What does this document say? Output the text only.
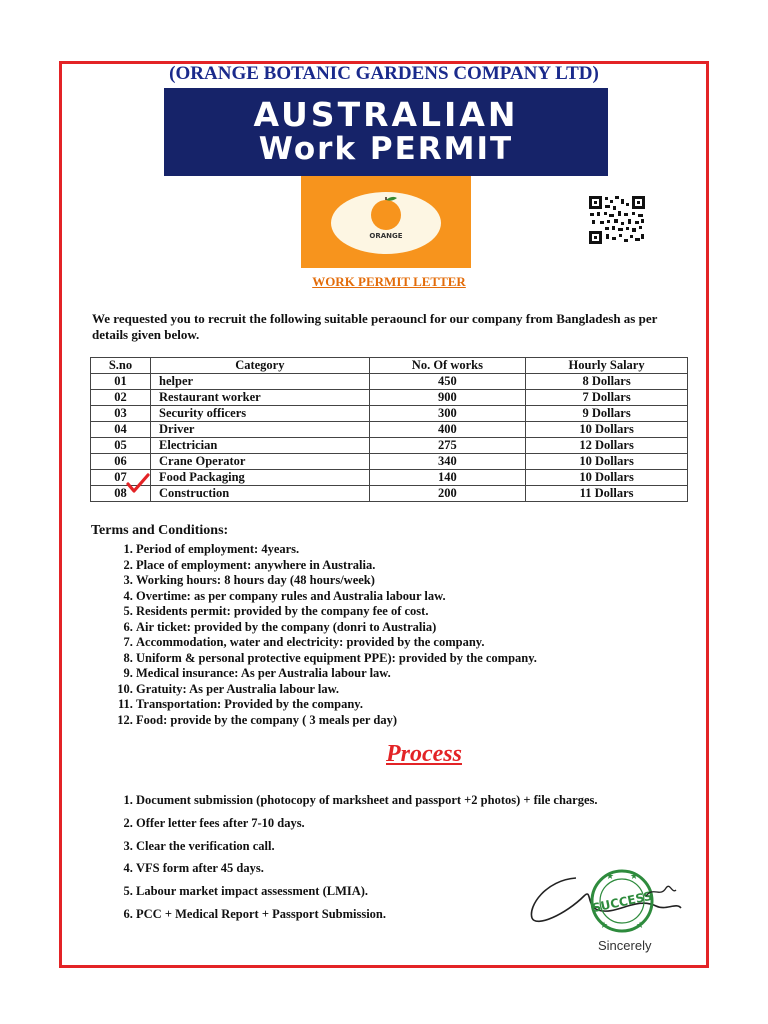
(ORANGE BOTANIC GARDENS COMPANY LTD)
AUSTRALIAN
Work PERMIT
ORANGE
WORK PERMIT LETTER
We requested you to recruit the following suitable peraouncl for our company from Bangladesh as per details given below.
S.no	Category	No. Of works	Hourly Salary
01	helper	450	8 Dollars
02	Restaurant worker	900	7 Dollars
03	Security officers	300	9 Dollars
04	Driver	400	10 Dollars
05	Electrician	275	12 Dollars
06	Crane Operator	340	10 Dollars
07	Food Packaging	140	10 Dollars
08	Construction	200	11 Dollars
Terms and Conditions:
1. Period of employment: 4years.
2. Place of employment: anywhere in Australia.
3. Working hours: 8 hours day (48 hours/week)
4. Overtime: as per company rules and Australia labour law.
5. Residents permit: provided by the company fee of cost.
6. Air ticket: provided by the company (donri to Australia)
7. Accommodation, water and electricity: provided by the company.
8. Uniform & personal protective equipment PPE): provided by the company.
9. Medical insurance: As per Australia labour law.
10. Gratuity: As per Australia labour law.
11. Transportation: Provided by the company.
12. Food: provide by the company ( 3 meals per day)
Process
1. Document submission (photocopy of marksheet and passport +2 photos) + file charges.
2. Offer letter fees after 7-10 days.
3. Clear the verification call.
4. VFS form after 45 days.
5. Labour market impact assessment (LMIA).
6. PCC + Medical Report + Passport Submission.
★ ★
★	★
SUCCESS
Sincerely
